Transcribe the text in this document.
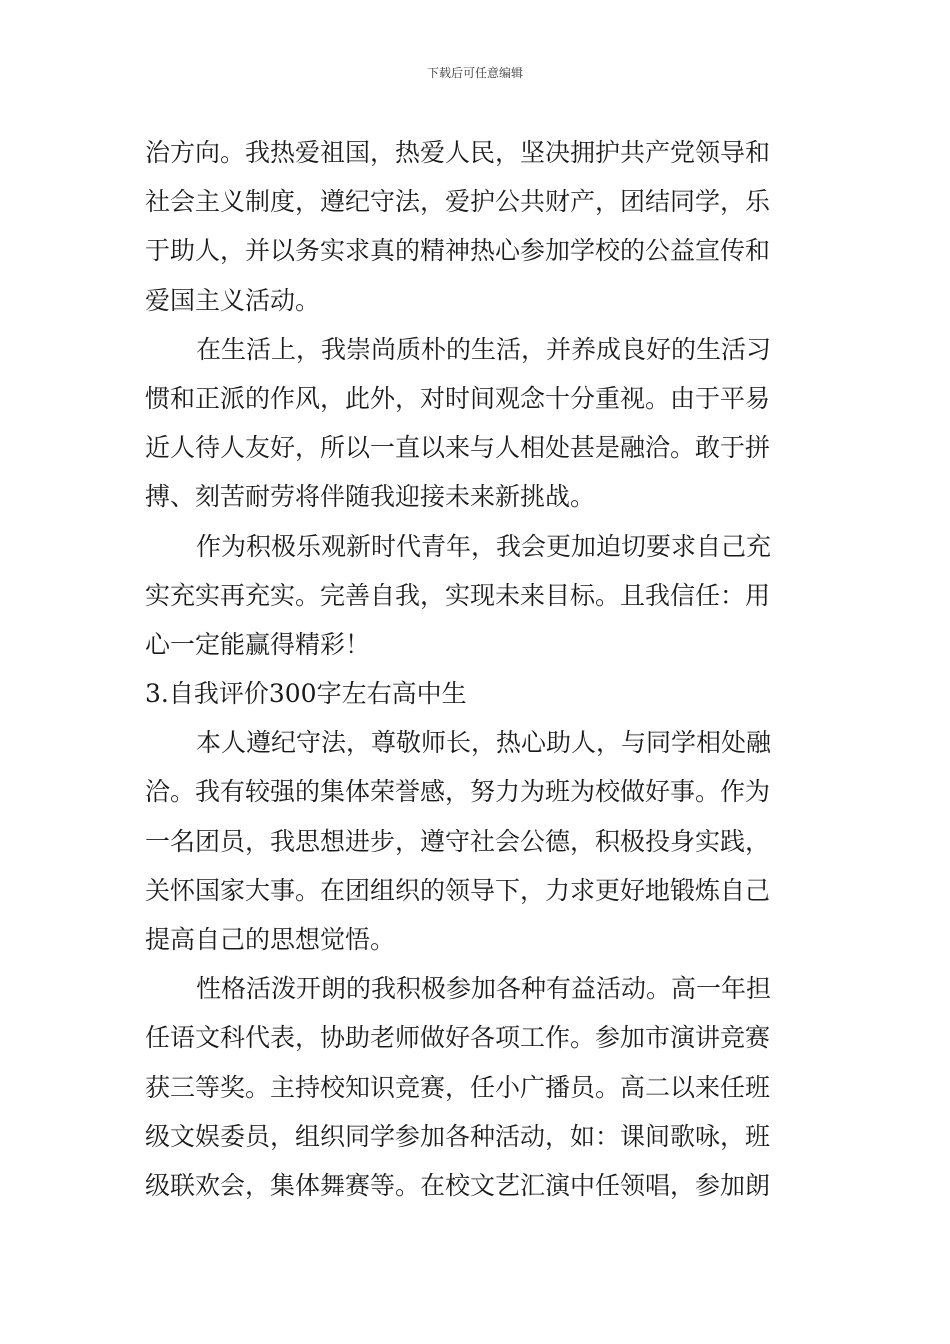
下载后可任意编辑
治方向。我热爱祖国，热爱人民，坚决拥护共产党领导和
社会主义制度，遵纪守法，爱护公共财产，团结同学，乐
于助人，并以务实求真的精神热心参加学校的公益宣传和
爱国主义活动。
在生活上，我崇尚质朴的生活，并养成良好的生活习
惯和正派的作风，此外，对时间观念十分重视。由于平易
近人待人友好，所以一直以来与人相处甚是融洽。敢于拼
搏、刻苦耐劳将伴随我迎接未来新挑战。
作为积极乐观新时代青年，我会更加迫切要求自己充
实充实再充实。完善自我，实现未来目标。且我信任：用
心一定能赢得精彩！
3.自我评价300字左右高中生
本人遵纪守法，尊敬师长，热心助人，与同学相处融
洽。我有较强的集体荣誉感，努力为班为校做好事。作为
一名团员，我思想进步，遵守社会公德，积极投身实践，
关怀国家大事。在团组织的领导下，力求更好地锻炼自己
提高自己的思想觉悟。
性格活泼开朗的我积极参加各种有益活动。高一年担
任语文科代表，协助老师做好各项工作。参加市演讲竞赛
获三等奖。主持校知识竞赛，任小广播员。高二以来任班
级文娱委员，组织同学参加各种活动，如：课间歌咏，班
级联欢会，集体舞赛等。在校文艺汇演中任领唱，参加朗
